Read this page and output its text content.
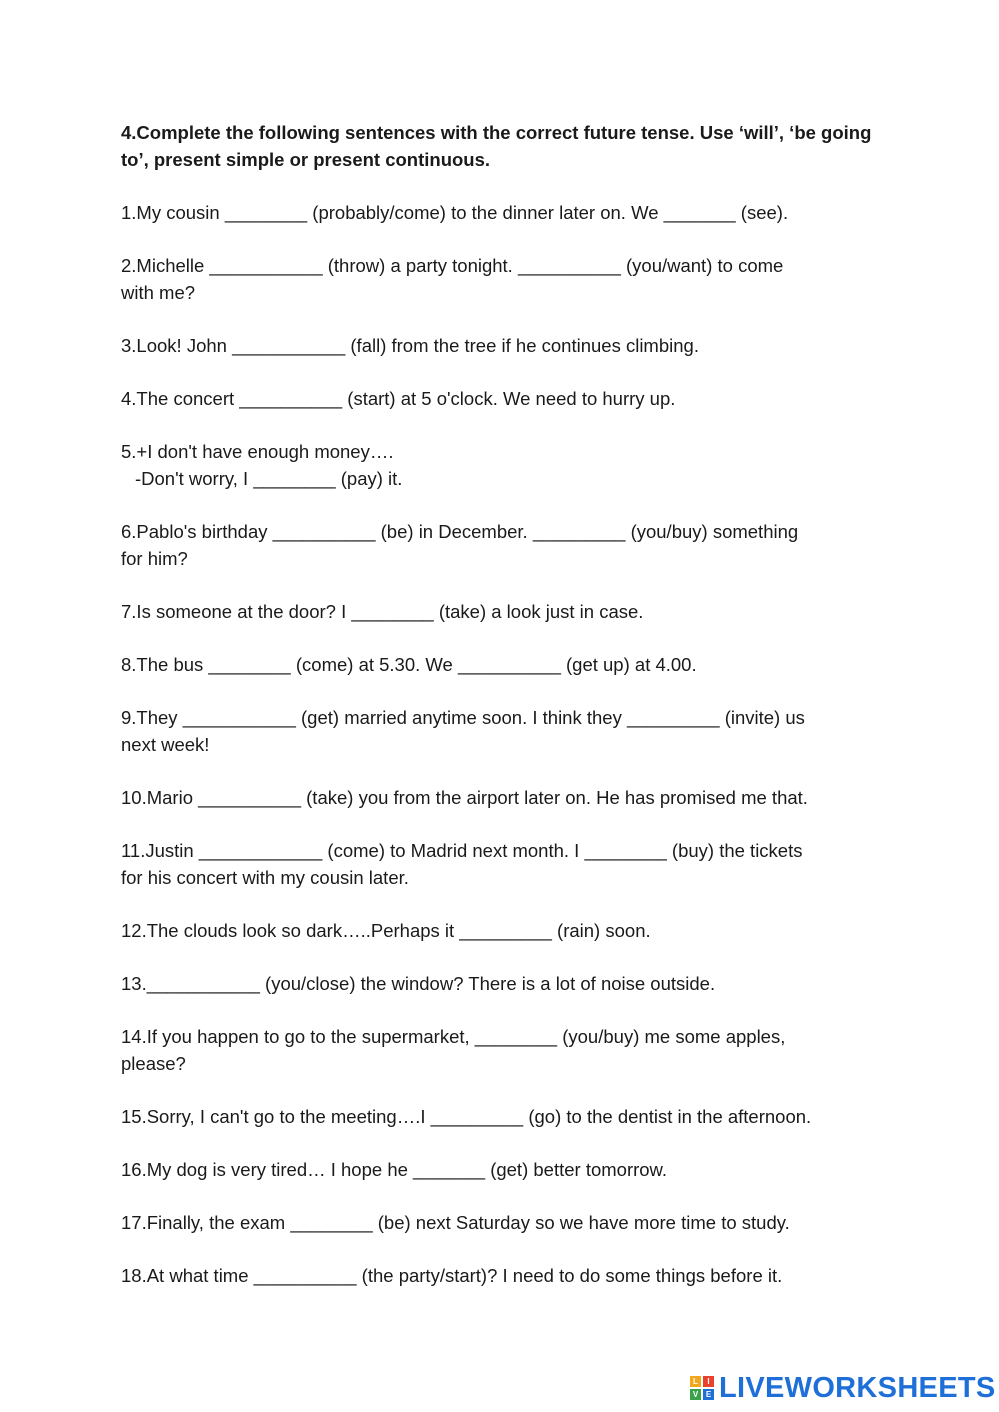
4.Complete the following sentences with the correct future tense. Use ‘will’, ‘be going to’, present simple or present continuous.
1.My cousin ________ (probably/come) to the dinner later on. We _______ (see).
2.Michelle ___________ (throw) a party tonight. __________ (you/want) to come
with me?
3.Look! John ___________ (fall) from the tree if he continues climbing.
4.The concert __________ (start) at 5 o'clock. We need to hurry up.
5.+I don't have enough money….
-Don't worry, I ________ (pay) it.
6.Pablo's birthday __________ (be) in December. _________ (you/buy) something
for him?
7.Is someone at the door? I ________ (take) a look just in case.
8.The bus ________ (come) at 5.30. We __________ (get up) at 4.00.
9.They ___________ (get) married anytime soon. I think they _________ (invite) us
next week!
10.Mario __________ (take) you from the airport later on. He has promised me that.
11.Justin ____________ (come) to Madrid next month. I ________ (buy) the tickets
for his concert with my cousin later.
12.The clouds look so dark…..Perhaps it _________ (rain) soon.
13.___________ (you/close) the window? There is a lot of noise outside.
14.If you happen to go to the supermarket, ________ (you/buy) me some apples,
please?
15.Sorry, I can't go to the meeting….I _________ (go) to the dentist in the afternoon.
16.My dog is very tired… I hope he _______ (get) better tomorrow.
17.Finally, the exam ________ (be) next Saturday so we have more time to study.
18.At what time __________ (the party/start)? I need to do some things before it.
L	I
V E LIVEWORKSHEETS
